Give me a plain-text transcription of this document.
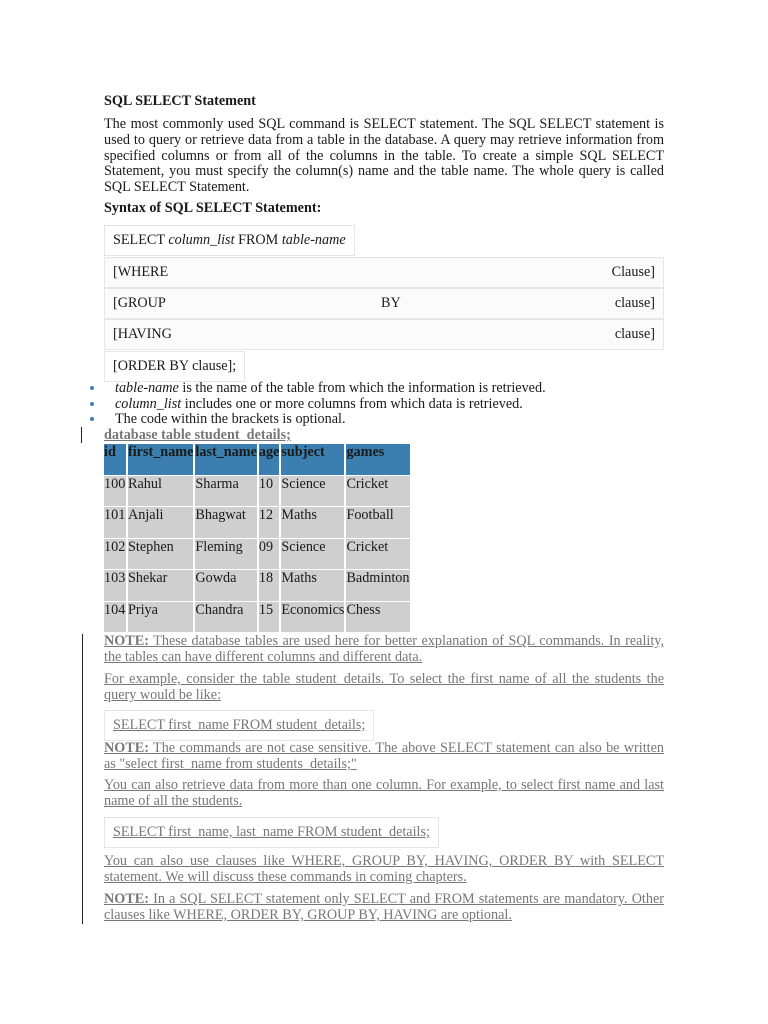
SQL SELECT Statement
The most commonly used SQL command is SELECT statement. The SQL SELECT statement is used to query or retrieve data from a table in the database. A query may retrieve information from specified columns or from all of the columns in the table. To create a simple SQL SELECT Statement, you must specify the column(s) name and the table name. The whole query is called SQL SELECT Statement.
Syntax of SQL SELECT Statement:
SELECT column_list FROM table-name
[WHERE	Clause]
[GROUP	BY	clause]
[HAVING	clause]
[ORDER BY clause];
table-name is the name of the table from which the information is retrieved.
column_list includes one or more columns from which data is retrieved.
The code within the brackets is optional.
database table student_details;
id	first_name	last_name	age	subject	games
100	Rahul	Sharma	10	Science	Cricket
101	Anjali	Bhagwat	12	Maths	Football
102	Stephen	Fleming	09	Science	Cricket
103	Shekar	Gowda	18	Maths	Badminton
104	Priya	Chandra	15	Economics	Chess
NOTE: These database tables are used here for better explanation of SQL commands. In reality, the tables can have different columns and different data.
For example, consider the table student_details. To select the first name of all the students the query would be like:
SELECT first_name FROM student_details;
NOTE: The commands are not case sensitive. The above SELECT statement can also be written as "select first_name from students_details;"
You can also retrieve data from more than one column. For example, to select first name and last name of all the students.
SELECT first_name, last_name FROM student_details;
You can also use clauses like WHERE, GROUP BY, HAVING, ORDER BY with SELECT statement. We will discuss these commands in coming chapters.
NOTE: In a SQL SELECT statement only SELECT and FROM statements are mandatory. Other clauses like WHERE, ORDER BY, GROUP BY, HAVING are optional.
